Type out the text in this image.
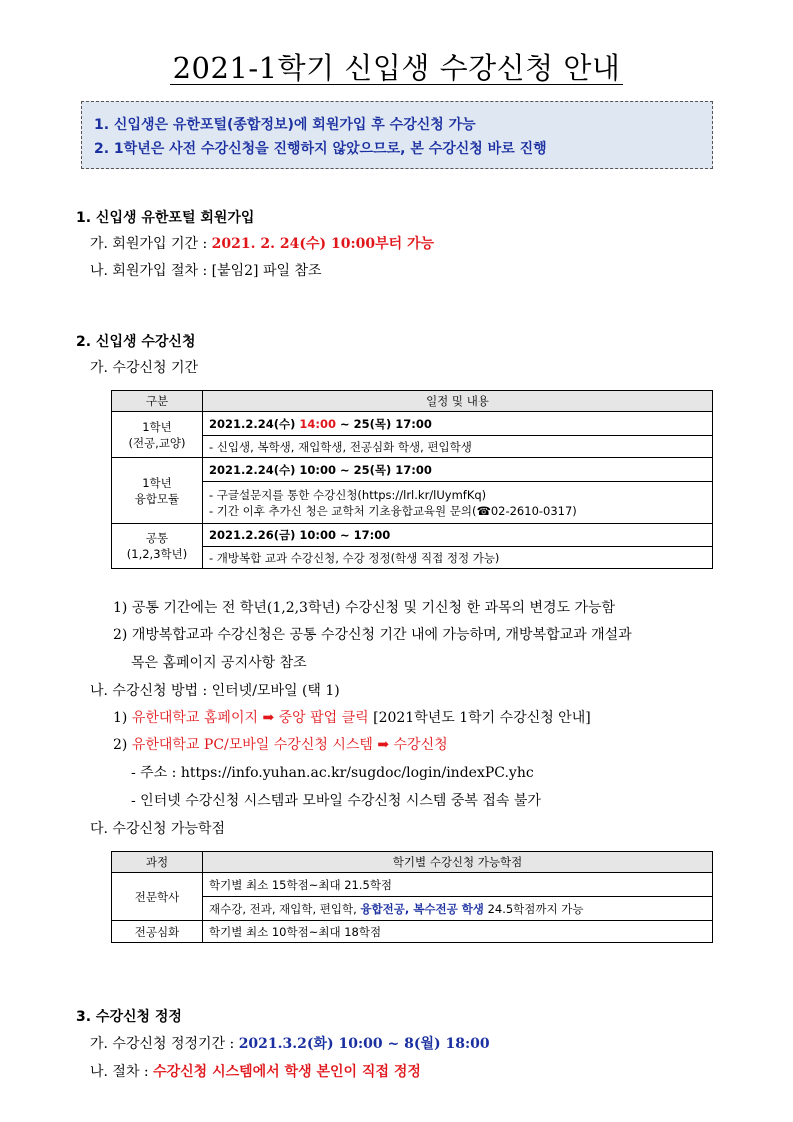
2021-1학기 신입생 수강신청 안내
1. 신입생은 유한포털(종합정보)에 회원가입 후 수강신청 가능
2. 1학년은 사전 수강신청을 진행하지 않았으므로, 본 수강신청 바로 진행
1. 신입생 유한포털 회원가입
가. 회원가입 기간 : 2021. 2. 24(수) 10:00부터 가능
나. 회원가입 절차 : [붙임2] 파일 참조
2. 신입생 수강신청
가. 수강신청 기간
구분	일정 및 내용

1학년
(전공,교양)	2021.2.24(수) 14:00 ~ 25(목) 17:00
	- 신입생, 복학생, 재입학생, 전공심화 학생, 편입학생

1학년
융합모듈	2021.2.24(수) 10:00 ~ 25(목) 17:00

	- 구글설문지를 통한 수강신청(https://lrl.kr/lUymfKq)
- 기간 이후 추가신 청은 교학처 기초융합교육원 문의(☎02-2610-0317)

공통
(1,2,3학년)	2021.2.26(금) 10:00 ~ 17:00
	- 개방복합 교과 수강신청, 수강 정정(학생 직접 정정 가능)
1) 공통 기간에는 전 학년(1,2,3학년) 수강신청 및 기신청 한 과목의 변경도 가능함
2) 개방복합교과 수강신청은 공통 수강신청 기간 내에 가능하며, 개방복합교과 개설과
목은 홈페이지 공지사항 참조
나. 수강신청 방법 : 인터넷/모바일 (택 1)
1) 유한대학교 홈페이지 ➡ 중앙 팝업 클릭 [2021학년도 1학기 수강신청 안내]
2) 유한대학교 PC/모바일 수강신청 시스템 ➡ 수강신청
- 주소 : https://info.yuhan.ac.kr/sugdoc/login/indexPC.yhc
- 인터넷 수강신청 시스템과 모바일 수강신청 시스템 중복 접속 불가
다. 수강신청 가능학점
과정	학기별 수강신청 가능학점
전문학사	학기별 최소 15학점~최대 21.5학점
	재수강, 전과, 재입학, 편입학, 융합전공, 복수전공 학생 24.5학점까지 가능
전공심화	학기별 최소 10학점~최대 18학점
3. 수강신청 정정
가. 수강신청 정정기간 : 2021.3.2(화) 10:00 ~ 8(월) 18:00
나. 절차 : 수강신청 시스템에서 학생 본인이 직접 정정
